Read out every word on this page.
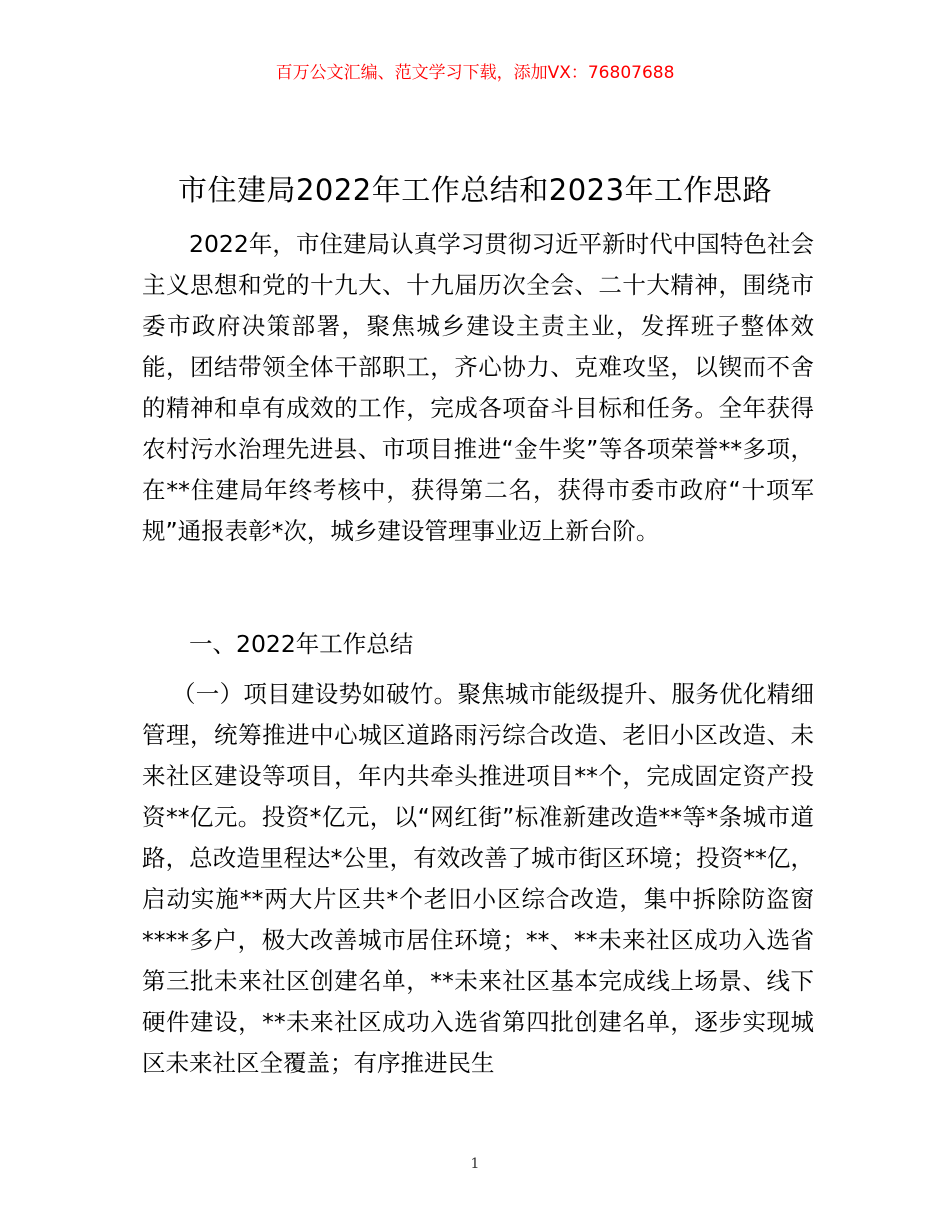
百万公文汇编、范文学习下载，添加VX：76807688
市住建局2022年工作总结和2023年工作思路
2022年，市住建局认真学习贯彻习近平新时代中国特色社会主义思想和党的十九大、十九届历次全会、二十大精神，围绕市委市政府决策部署，聚焦城乡建设主责主业，发挥班子整体效能，团结带领全体干部职工，齐心协力、克难攻坚，以锲而不舍的精神和卓有成效的工作，完成各项奋斗目标和任务。全年获得农村污水治理先进县、市项目推进“金牛奖”等各项荣誉**多项，在**住建局年终考核中，获得第二名，获得市委市政府“十项军规”通报表彰*次，城乡建设管理事业迈上新台阶。
一、2022年工作总结
（一）项目建设势如破竹。聚焦城市能级提升、服务优化精细管理，统筹推进中心城区道路雨污综合改造、老旧小区改造、未来社区建设等项目，年内共牵头推进项目**个，完成固定资产投资**亿元。投资*亿元，以“网红街”标准新建改造**等*条城市道路，总改造里程达*公里，有效改善了城市街区环境；投资**亿，启动实施**两大片区共*个老旧小区综合改造，集中拆除防盗窗****多户，极大改善城市居住环境；**、**未来社区成功入选省第三批未来社区创建名单，**未来社区基本完成线上场景、线下硬件建设，**未来社区成功入选省第四批创建名单，逐步实现城区未来社区全覆盖；有序推进民生
1
